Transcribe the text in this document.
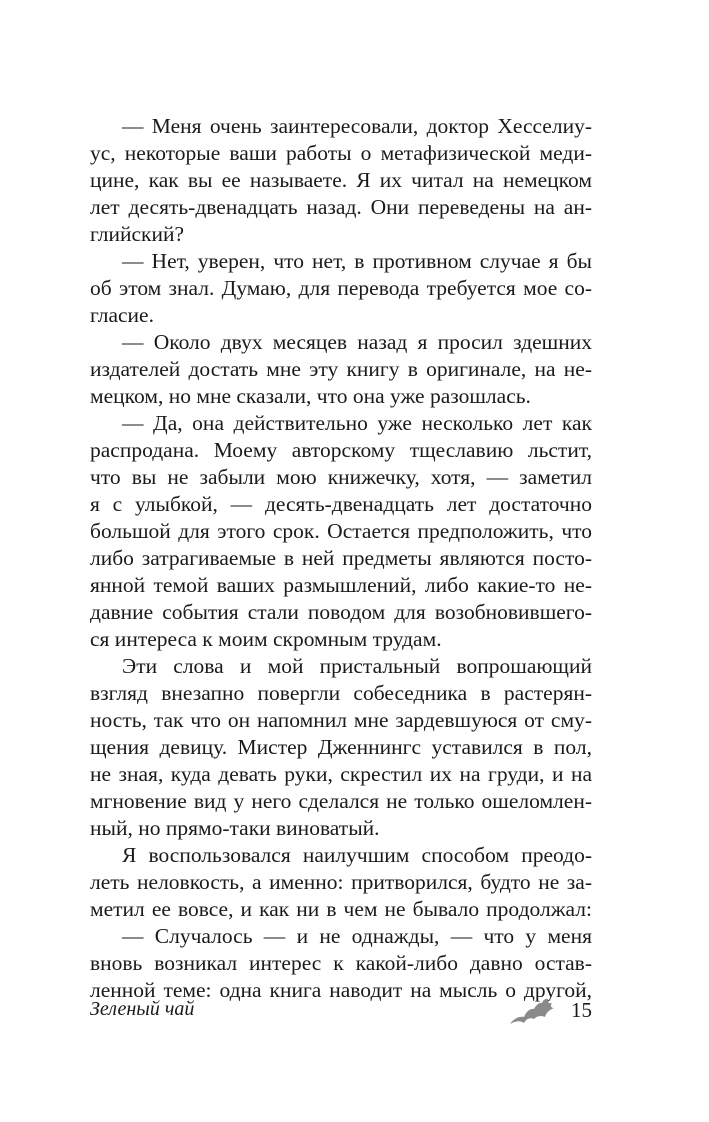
— Меня очень заинтересовали, доктор Хесселиу-
ус, некоторые ваши работы о метафизической меди-
цине, как вы ее называете. Я их читал на немецком
лет десять-двенадцать назад. Они переведены на ан-
глийский?
— Нет, уверен, что нет, в противном случае я бы
об этом знал. Думаю, для перевода требуется мое со-
гласие.
— Около двух месяцев назад я просил здешних
издателей достать мне эту книгу в оригинале, на не-
мецком, но мне сказали, что она уже разошлась.
— Да, она действительно уже несколько лет как
распродана. Моему авторскому тщеславию льстит,
что вы не забыли мою книжечку, хотя, — заметил
я с улыбкой, — десять-двенадцать лет достаточно
большой для этого срок. Остается предположить, что
либо затрагиваемые в ней предметы являются посто-
янной темой ваших размышлений, либо какие-то не-
давние события стали поводом для возобновившего-
ся интереса к моим скромным трудам.
Эти слова и мой пристальный вопрошающий
взгляд внезапно повергли собеседника в растерян-
ность, так что он напомнил мне зардевшуюся от сму-
щения девицу. Мистер Дженнингс уставился в пол,
не зная, куда девать руки, скрестил их на груди, и на
мгновение вид у него сделался не только ошеломлен-
ный, но прямо-таки виноватый.
Я воспользовался наилучшим способом преодо-
леть неловкость, а именно: притворился, будто не за-
метил ее вовсе, и как ни в чем не бывало продолжал:
— Случалось — и не однажды, — что у меня
вновь возникал интерес к какой-либо давно остав-
ленной теме: одна книга наводит на мысль о другой,
Зеленый чай	15
